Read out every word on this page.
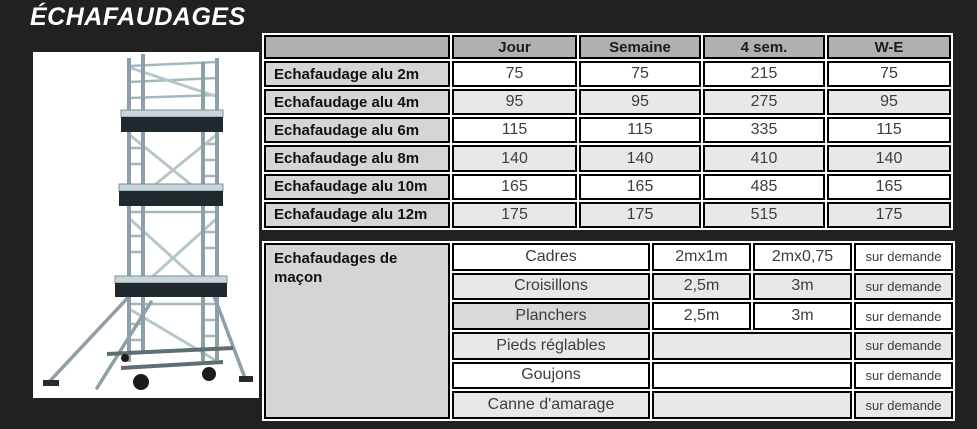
ÉCHAFAUDAGES
	Jour	Semaine	4 sem.	W-E
Echafaudage alu 2m	75	75	215	75
Echafaudage alu 4m	95	95	275	95
Echafaudage alu 6m	115	115	335	115
Echafaudage alu 8m	140	140	410	140
Echafaudage alu 10m	165	165	485	165
Echafaudage alu 12m	175	175	515	175
Echafaudages de maçon	Cadres	2mx1m	2mx0,75	sur demande
	Croisillons	2,5m	3m	sur demande
	Planchers	2,5m	3m	sur demande
	Pieds réglables			sur demande
	Goujons			sur demande
	Canne d'amarage			sur demande
